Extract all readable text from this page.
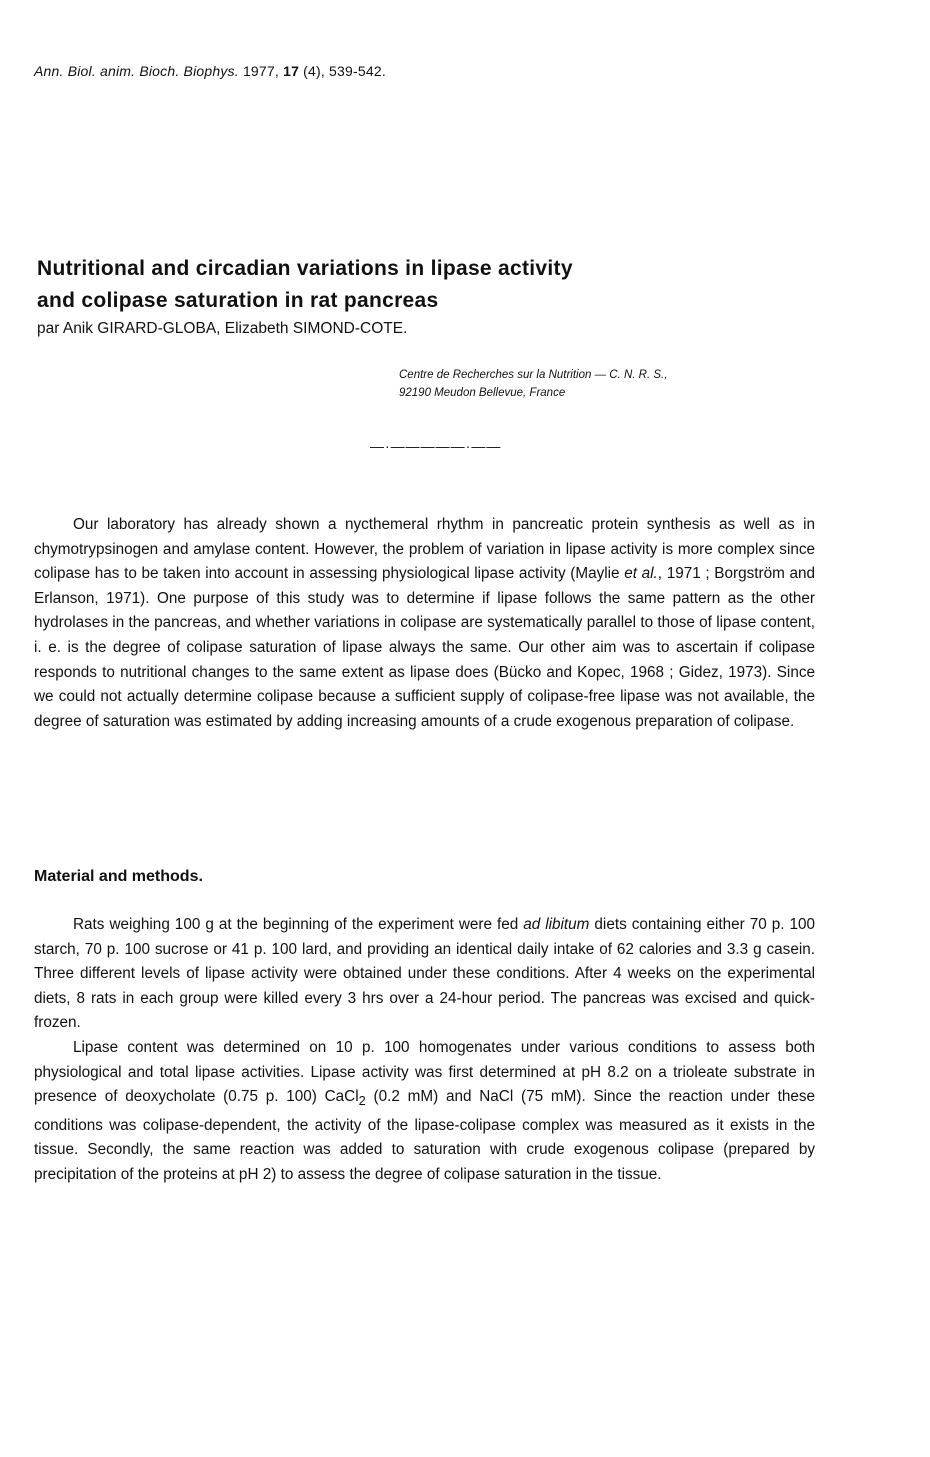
Ann. Biol. anim. Bioch. Biophys. 1977, 17 (4), 539-542.
Nutritional and circadian variations in lipase activity
and colipase saturation in rat pancreas
par Anik GIRARD-GLOBA, Elizabeth SIMOND-COTE.
Centre de Recherches sur la Nutrition — C. N. R. S.,
92190 Meudon Bellevue, France
—·—————·——

Our laboratory has already shown a nycthemeral rhythm in pancreatic protein synthesis as well as in chymotrypsinogen and amylase content. However, the problem of variation in lipase activity is more complex since colipase has to be taken into account in assessing physiological lipase activity (Maylie et al., 1971 ; Borgström and Erlanson, 1971). One purpose of this study was to determine if lipase follows the same pattern as the other hydrolases in the pancreas, and whether variations in colipase are systematically parallel to those of lipase content, i. e. is the degree of colipase saturation of lipase always the same. Our other aim was to ascertain if colipase responds to nutritional changes to the same extent as lipase does (Bücko and Kopec, 1968 ; Gidez, 1973). Since we could not actually determine colipase because a sufficient supply of colipase-free lipase was not available, the degree of saturation was estimated by adding increasing amounts of a crude exogenous preparation of colipase.

Material and methods.

Rats weighing 100 g at the beginning of the experiment were fed ad libitum diets containing either 70 p. 100 starch, 70 p. 100 sucrose or 41 p. 100 lard, and providing an identical daily intake of 62 calories and 3.3 g casein. Three different levels of lipase activity were obtained under these conditions. After 4 weeks on the experimental diets, 8 rats in each group were killed every 3 hrs over a 24-hour period. The pancreas was excised and quick-frozen.

Lipase content was determined on 10 p. 100 homogenates under various conditions to assess both physiological and total lipase activities. Lipase activity was first determined at pH 8.2 on a trioleate substrate in presence of deoxycholate (0.75 p. 100) CaCl$_2$ (0.2 mM) and NaCl (75 mM). Since the reaction under these conditions was colipase-dependent, the activity of the lipase-colipase complex was measured as it exists in the tissue. Secondly, the same reaction was added to saturation with crude exogenous colipase (prepared by precipitation of the proteins at pH 2) to assess the degree of colipase saturation in the tissue.
